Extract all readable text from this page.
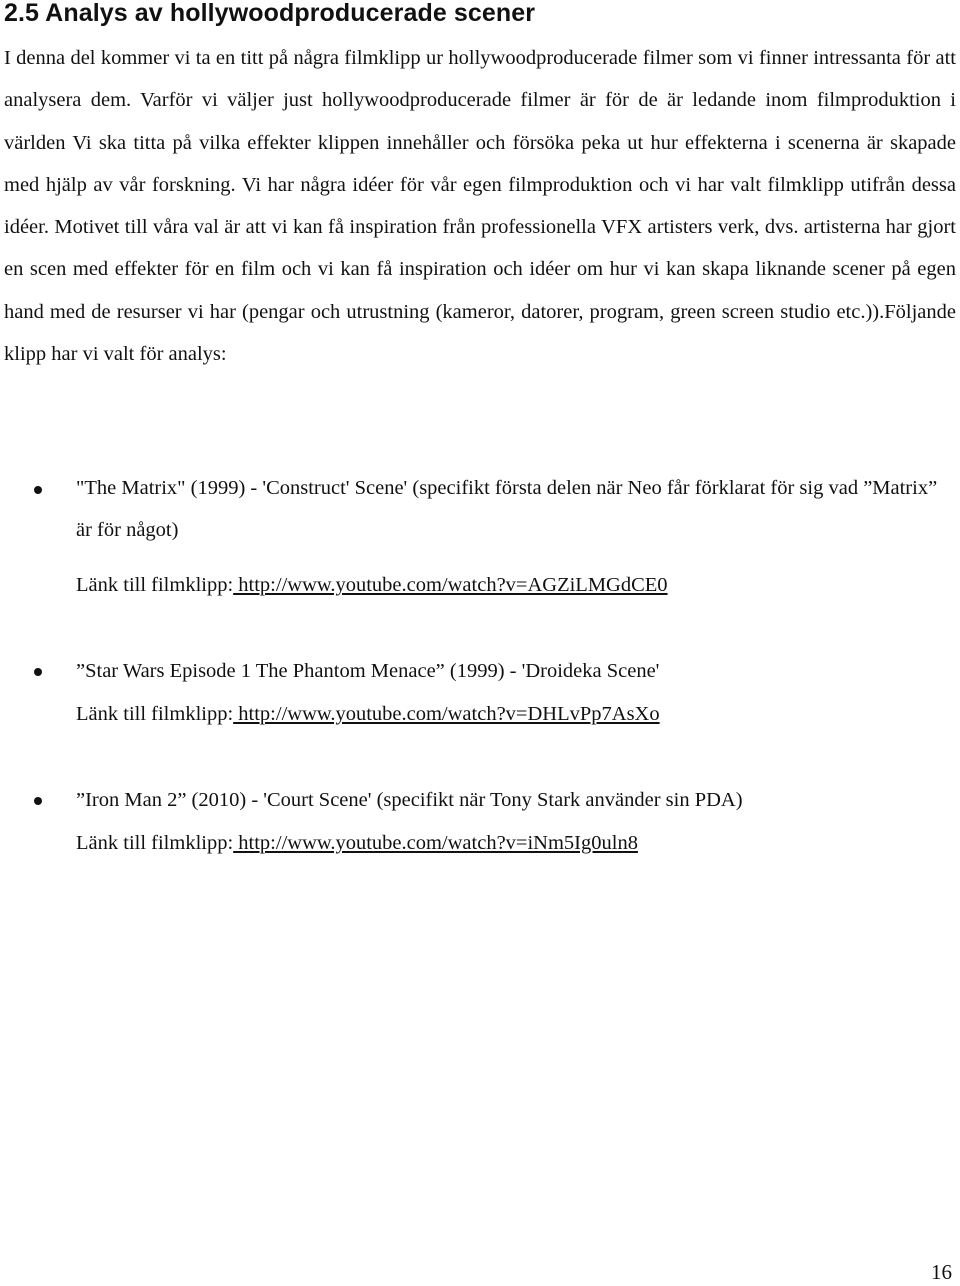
2.5 Analys av hollywoodproducerade scener

I denna del kommer vi ta en titt på några filmklipp ur hollywoodproducerade filmer som vi finner intressanta för att analysera dem. Varför vi väljer just hollywoodproducerade filmer är för de är ledande inom filmproduktion i världen Vi ska titta på vilka effekter klippen innehåller och försöka peka ut hur effekterna i scenerna är skapade med hjälp av vår forskning. Vi har några idéer för vår egen filmproduktion och vi har valt filmklipp utifrån dessa idéer. Motivet till våra val är att vi kan få inspiration från professionella VFX artisters verk, dvs. artisterna har gjort en scen med effekter för en film och vi kan få inspiration och idéer om hur vi kan skapa liknande scener på egen hand med de resurser vi har (pengar och utrustning (kameror, datorer, program, green screen studio etc.)).Följande klipp har vi valt för analys:

"The Matrix" (1999) - 'Construct' Scene' (specifikt första delen när Neo får förklarat för sig vad ”Matrix” är för något)

Länk till filmklipp: http://www.youtube.com/watch?v=AGZiLMGdCE0

”Star Wars Episode 1 The Phantom Menace” (1999) - 'Droideka Scene'

Länk till filmklipp: http://www.youtube.com/watch?v=DHLvPp7AsXo

”Iron Man 2” (2010) - 'Court Scene' (specifikt när Tony Stark använder sin PDA)

Länk till filmklipp: http://www.youtube.com/watch?v=iNm5Ig0uln8

16
